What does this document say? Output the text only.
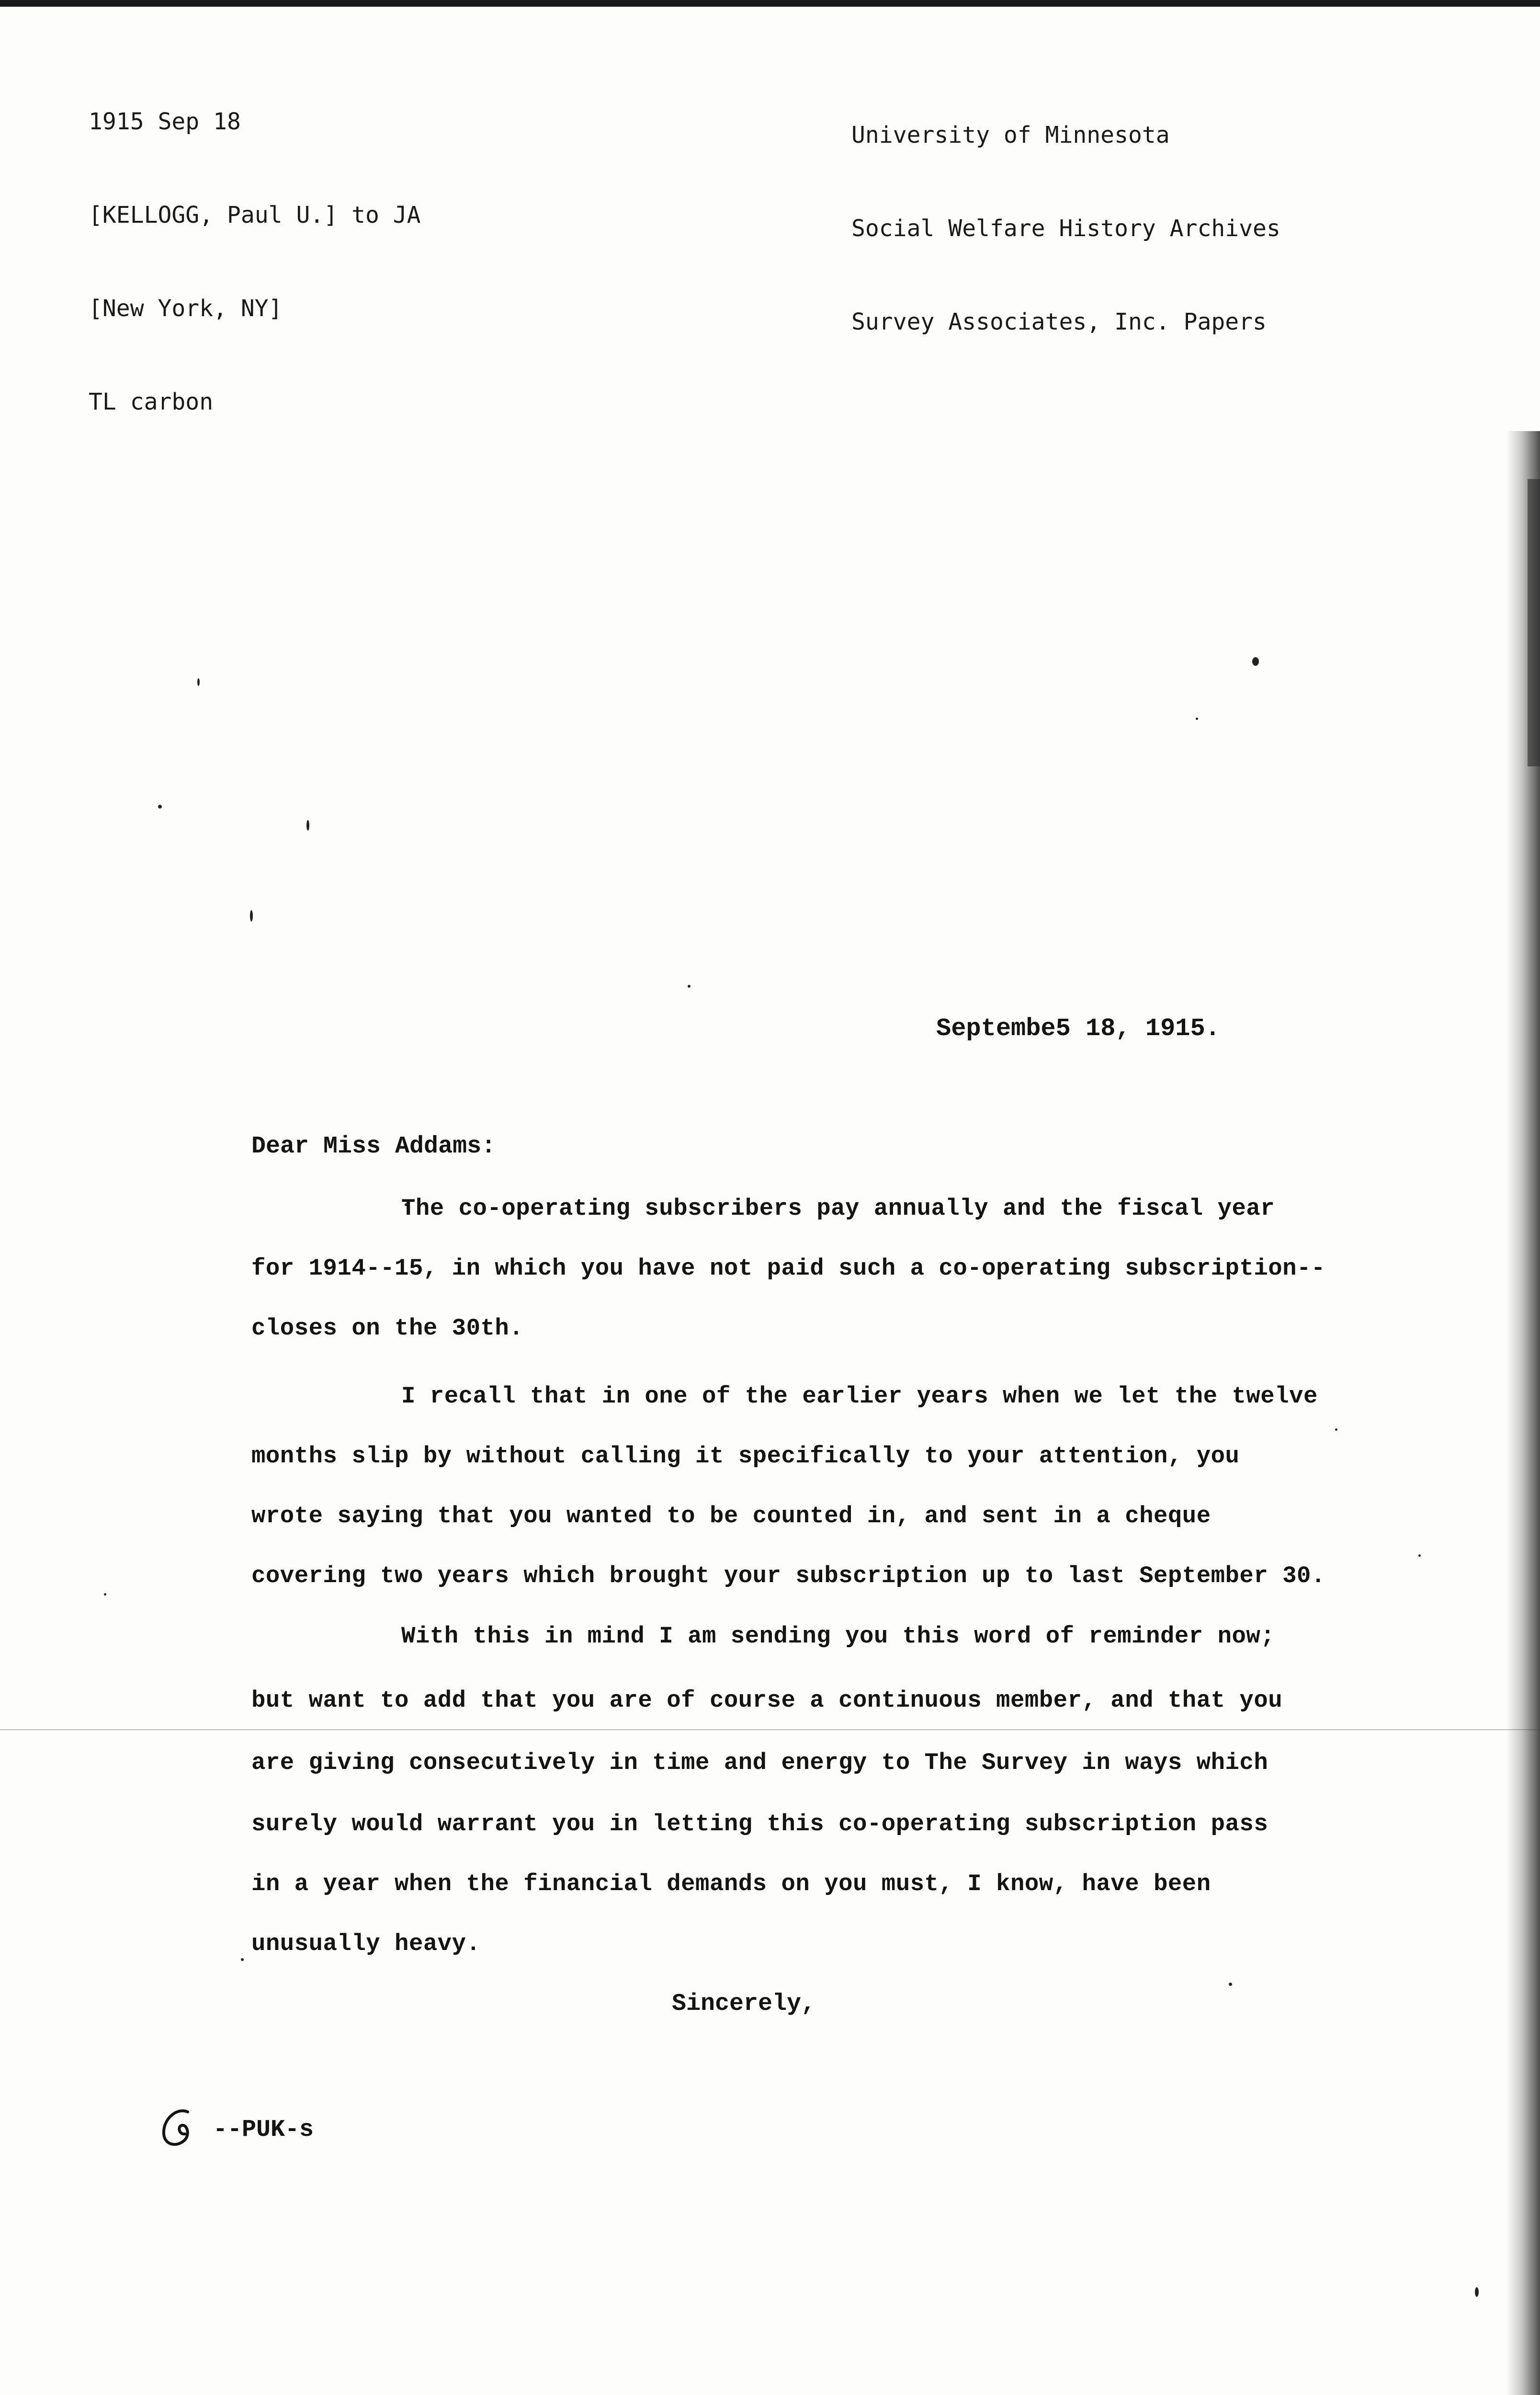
1915 Sep 18

[KELLOGG, Paul U.] to JA

[New York, NY]

TL carbon

University of Minnesota

Social Welfare History Archives

Survey Associates, Inc. Papers

Septembe5 18, 1915.
Dear Miss Addams:
The co-operating subscribers pay annually and the fiscal year
for 1914--15, in which you have not paid such a co-operating subscription--
closes on the 30th.
I recall that in one of the earlier years when we let the twelve
months slip by without calling it specifically to your attention, you
wrote saying that you wanted to be counted in, and sent in a cheque
covering two years which brought your subscription up to last September 30.
With this in mind I am sending you this word of reminder now;
but want to add that you are of course a continuous member, and that you
are giving consecutively in time and energy to The Survey in ways which
surely would warrant you in letting this co-operating subscription pass
in a year when the financial demands on you must, I know, have been
unusually heavy.
Sincerely,
--PUK-s
